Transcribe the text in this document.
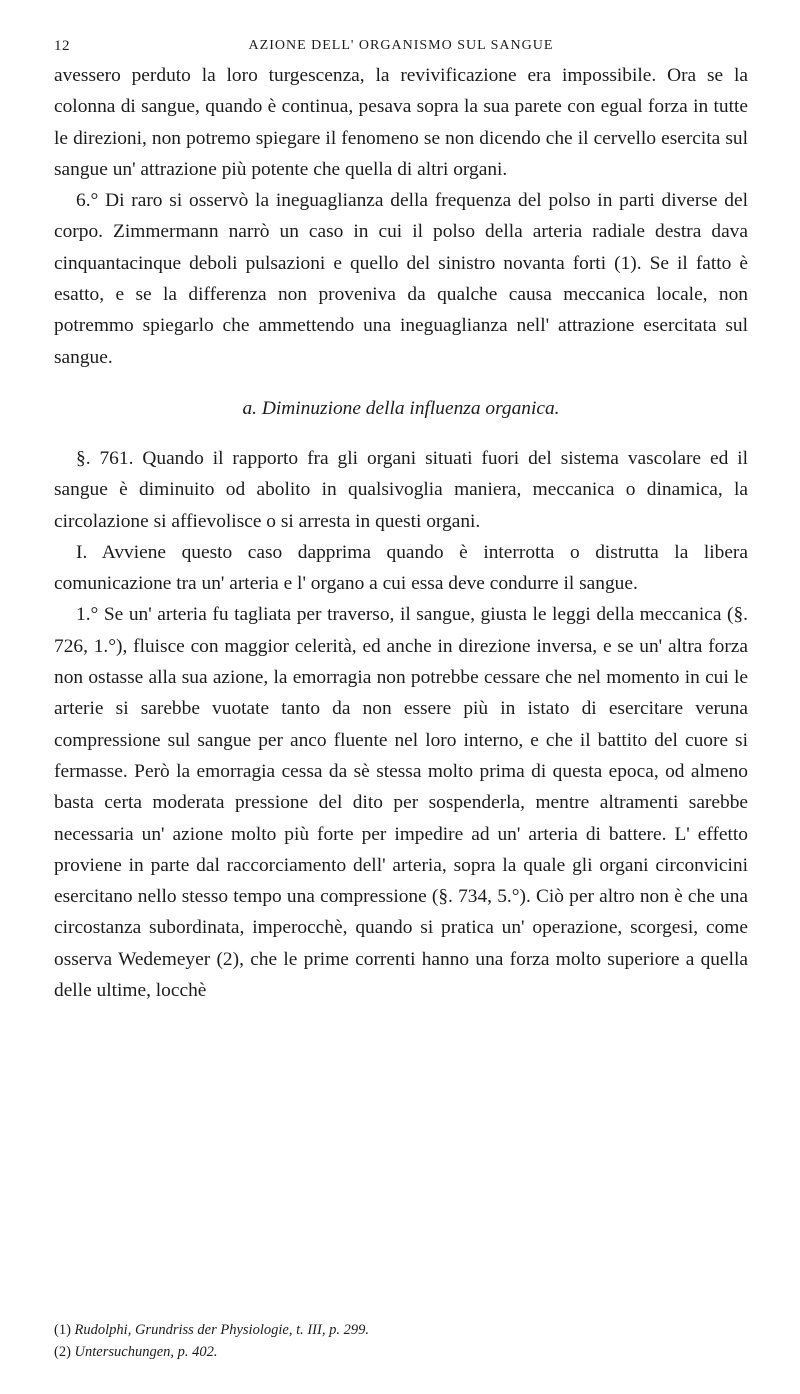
12	AZIONE DELL' ORGANISMO SUL SANGUE

avessero perduto la loro turgescenza, la revivificazione era impossibile. Ora se la colonna di sangue, quando è continua, pesava sopra la sua parete con egual forza in tutte le direzioni, non potremo spiegare il fenomeno se non dicendo che il cervello esercita sul sangue un' attrazione più potente che quella di altri organi.

6.° Di raro si osservò la ineguaglianza della frequenza del polso in parti diverse del corpo. Zimmermann narrò un caso in cui il polso della arteria radiale destra dava cinquantacinque deboli pulsazioni e quello del sinistro novanta forti (1). Se il fatto è esatto, e se la differenza non proveniva da qualche causa meccanica locale, non potremmo spiegarlo che ammettendo una ineguaglianza nell' attrazione esercitata sul sangue.

a. Diminuzione della influenza organica.

§. 761. Quando il rapporto fra gli organi situati fuori del sistema vascolare ed il sangue è diminuito od abolito in qualsivoglia maniera, meccanica o dinamica, la circolazione si affievolisce o si arresta in questi organi.

I. Avviene questo caso dapprima quando è interrotta o distrutta la libera comunicazione tra un' arteria e l' organo a cui essa deve condurre il sangue.

1.° Se un' arteria fu tagliata per traverso, il sangue, giusta le leggi della meccanica (§. 726, 1.°), fluisce con maggior celerità, ed anche in direzione inversa, e se un' altra forza non ostasse alla sua azione, la emorragia non potrebbe cessare che nel momento in cui le arterie si sarebbe vuotate tanto da non essere più in istato di esercitare veruna compressione sul sangue per anco fluente nel loro interno, e che il battito del cuore si fermasse. Però la emorragia cessa da sè stessa molto prima di questa epoca, od almeno basta certa moderata pressione del dito per sospenderla, mentre altramenti sarebbe necessaria un' azione molto più forte per impedire ad un' arteria di battere. L' effetto proviene in parte dal raccorciamento dell' arteria, sopra la quale gli organi circonvicini esercitano nello stesso tempo una compressione (§. 734, 5.°). Ciò per altro non è che una circostanza subordinata, imperocchè, quando si pratica un' operazione, scorgesi, come osserva Wedemeyer (2), che le prime correnti hanno una forza molto superiore a quella delle ultime, locchè

(1) Rudolphi, Grundriss der Physiologie, t. III, p. 299.

(2) Untersuchungen, p. 402.
